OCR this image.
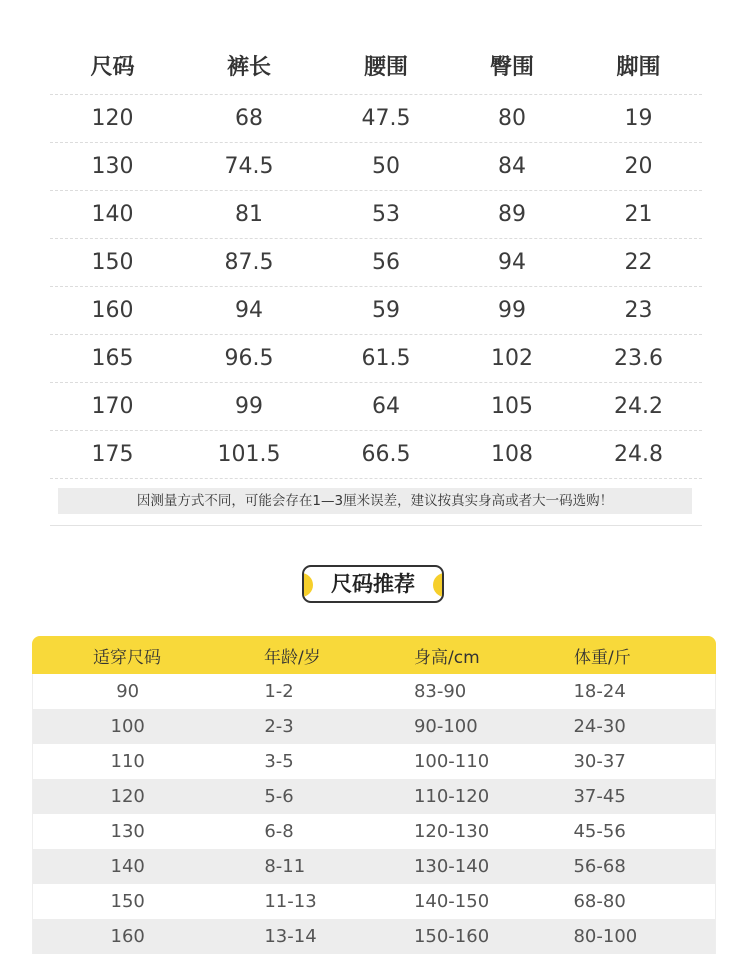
尺码	裤长	腰围	臀围	脚围
120	68	47.5	80	19
130	74.5	50	84	20
140	81	53	89	21
150	87.5	56	94	22
160	94	59	99	23
165	96.5	61.5	102	23.6
170	99	64	105	24.2
175	101.5	66.5	108	24.8
因测量方式不同，可能会存在1—3厘米误差，建议按真实身高或者大一码选购！
尺码推荐
适穿尺码	年龄/岁	身高/cm	体重/斤
90	1-2	83-90	18-24
100	2-3	90-100	24-30
110	3-5	100-110	30-37
120	5-6	110-120	37-45
130	6-8	120-130	45-56
140	8-11	130-140	56-68
150	11-13	140-150	68-80
160	13-14	150-160	80-100
